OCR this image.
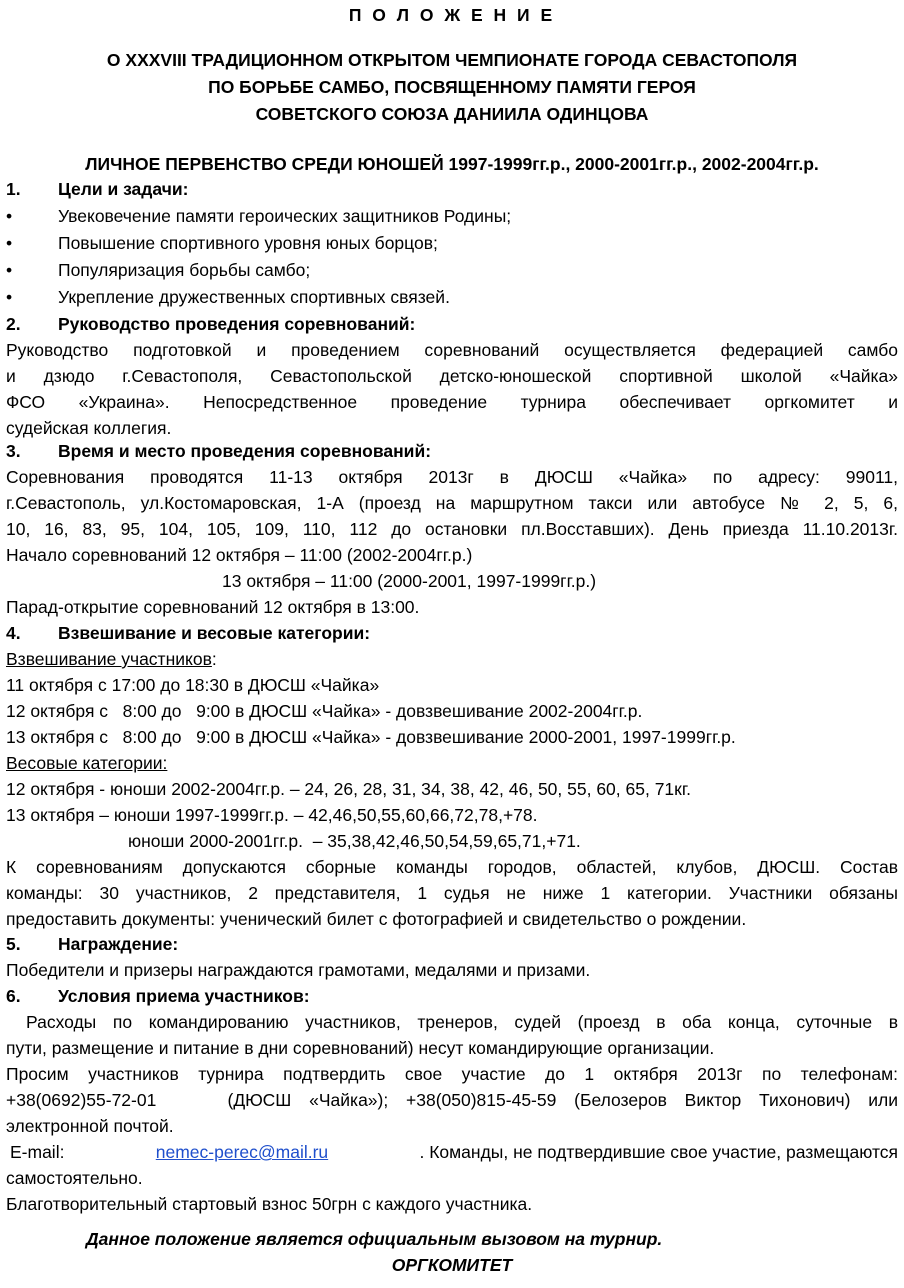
П О Л О Ж Е Н И Е
О XXXVIII ТРАДИЦИОННОМ ОТКРЫТОМ ЧЕМПИОНАТЕ ГОРОДА СЕВАСТОПОЛЯ
ПО БОРЬБЕ САМБО, ПОСВЯЩЕННОМУ ПАМЯТИ ГЕРОЯ
СОВЕТСКОГО СОЮЗА ДАНИИЛА ОДИНЦОВА
ЛИЧНОЕ ПЕРВЕНСТВО СРЕДИ ЮНОШЕЙ 1997-1999гг.р., 2000-2001гг.р., 2002-2004гг.р.
1. Цели и задачи:
•	Увековечение памяти героических защитников Родины;
•	Повышение спортивного уровня юных борцов;
•	Популяризация борьбы самбо;
•	Укрепление дружественных спортивных связей.
2. Руководство проведения соревнований:
Руководство подготовкой и проведением соревнований осуществляется федерацией самбо
и дзюдо г.Севастополя, Севастопольской детско-юношеской спортивной школой «Чайка»
ФСО «Украина». Непосредственное проведение турнира обеспечивает оргкомитет и
судейская коллегия.
3. Время и место проведения соревнований:
Соревнования проводятся 11-13 октября 2013г в ДЮСШ «Чайка» по адресу: 99011,
г.Севастополь, ул.Костомаровская, 1-А (проезд на маршрутном такси или автобусе № 2, 5, 6,
10, 16, 83, 95, 104, 105, 109, 110, 112 до остановки пл.Восставших). День приезда 11.10.2013г.
Начало соревнований 12 октября – 11:00 (2002-2004гг.р.)
13 октября – 11:00 (2000-2001, 1997-1999гг.р.)
Парад-открытие соревнований 12 октября в 13:00.
4. Взвешивание и весовые категории:
Взвешивание участников:
11 октября с 17:00 до 18:30 в ДЮСШ «Чайка»
12 октября с   8:00 до   9:00 в ДЮСШ «Чайка» - довзвешивание 2002-2004гг.р.
13 октября с   8:00 до   9:00 в ДЮСШ «Чайка» - довзвешивание 2000-2001, 1997-1999гг.р.
Весовые категории:
12 октября - юноши 2002-2004гг.р. – 24, 26, 28, 31, 34, 38, 42, 46, 50, 55, 60, 65, 71кг.
13 октября – юноши 1997-1999гг.р. – 42,46,50,55,60,66,72,78,+78.
юноши 2000-2001гг.р.  – 35,38,42,46,50,54,59,65,71,+71.
К соревнованиям допускаются сборные команды городов, областей, клубов, ДЮСШ. Состав
команды: 30 участников, 2 представителя, 1 судья не ниже 1 категории. Участники обязаны
предоставить документы: ученический билет с фотографией и свидетельство о рождении.
5. Награждение:
Победители и призеры награждаются грамотами, медалями и призами.
6. Условия приема участников:
Расходы по командированию участников, тренеров, судей (проезд в оба конца, суточные в
пути, размещение и питание в дни соревнований) несут командирующие организации.
Просим участников турнира подтвердить свое участие до 1 октября 2013г по телефонам:
+38(0692)55-72-01    (ДЮСШ «Чайка»); +38(050)815-45-59 (Белозеров Виктор Тихонович) или
электронной почтой.
E-mail:	nemec-perec@mail.ru	. Команды, не подтвердившие свое участие, размещаются
самостоятельно.
Благотворительный стартовый взнос 50грн с каждого участника.
Данное положение является официальным вызовом на турнир.
ОРГКОМИТЕТ
